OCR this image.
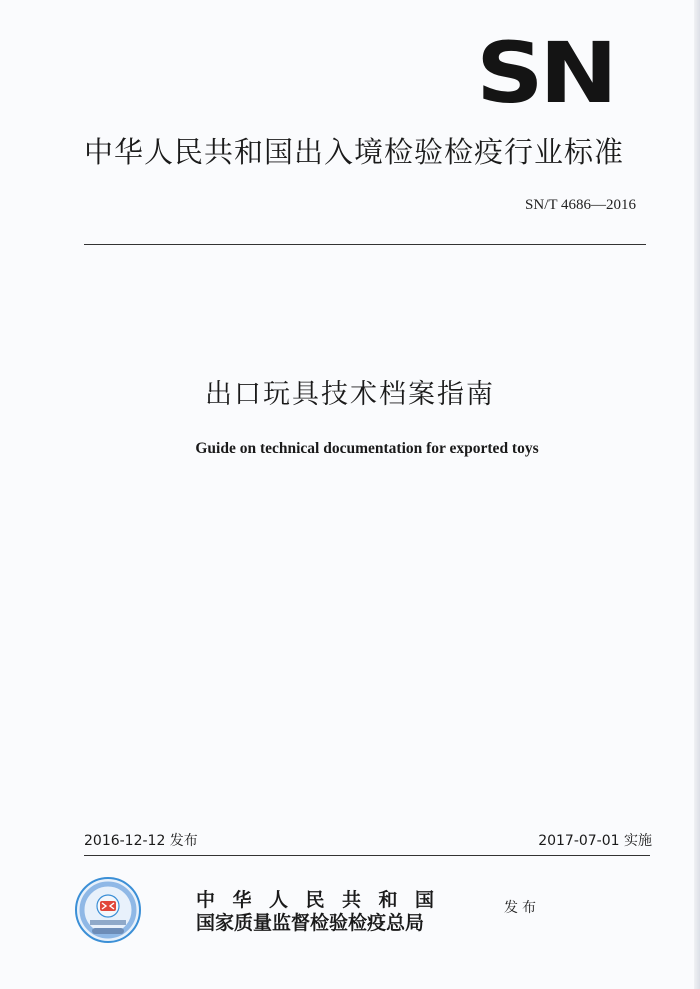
SN
中华人民共和国出入境检验检疫行业标准
SN/T 4686—2016
出口玩具技术档案指南
Guide on technical documentation for exported toys
2016-12-12 发布	2017-07-01 实施
中华人民共和国
国家质量监督检验检疫总局
发布
